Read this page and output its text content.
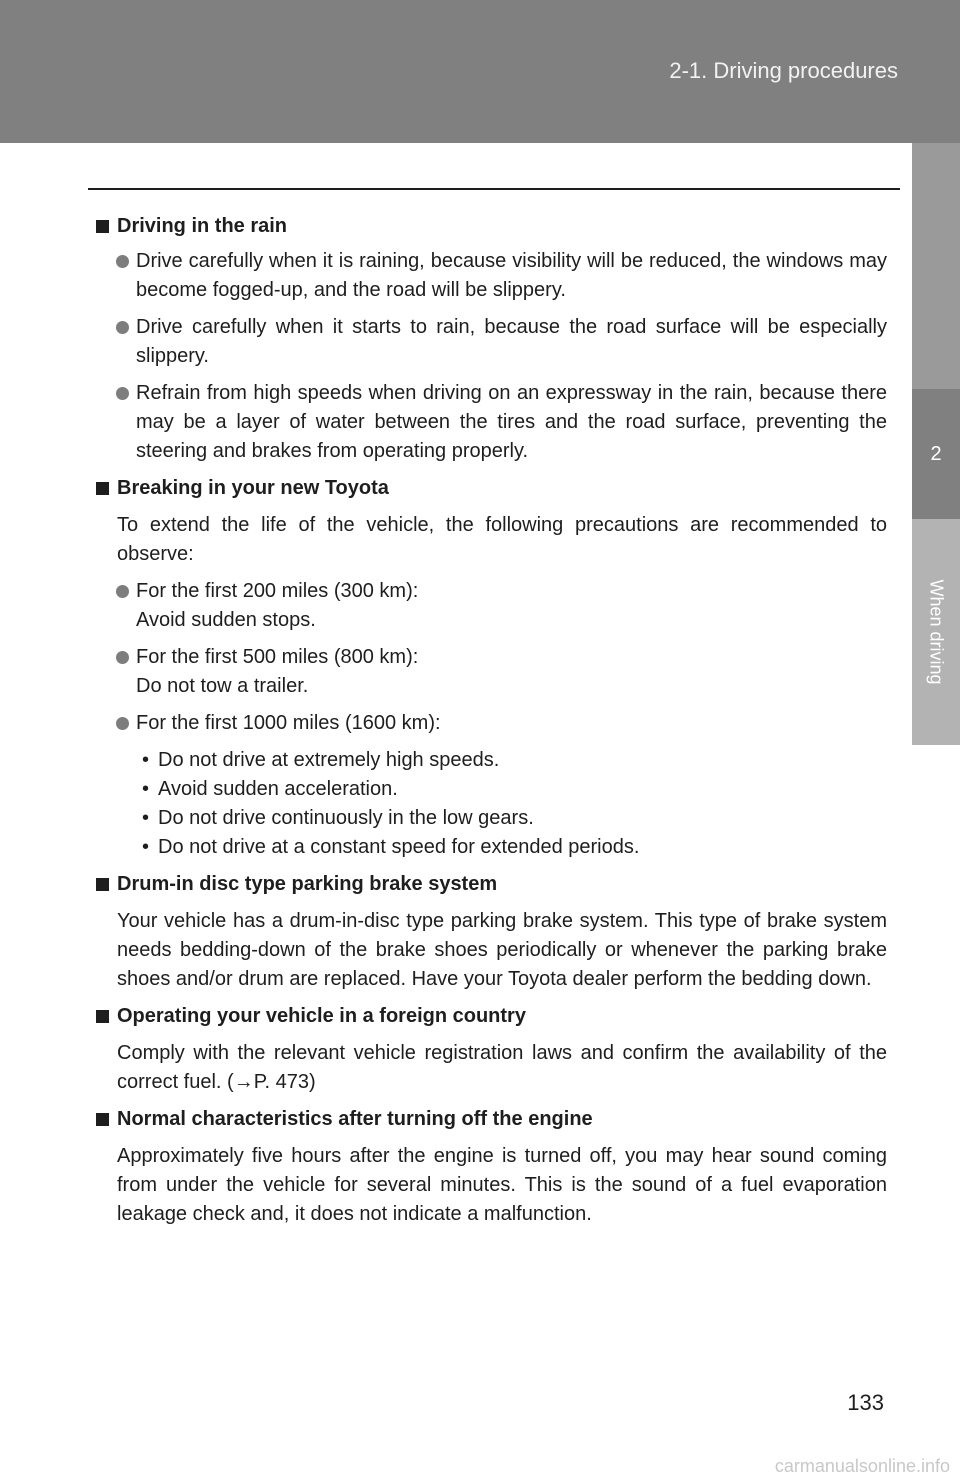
2-1. Driving procedures
2
When driving
Driving in the rain
Drive carefully when it is raining, because visibility will be reduced, the windows may become fogged-up, and the road will be slippery.
Drive carefully when it starts to rain, because the road surface will be especially slippery.
Refrain from high speeds when driving on an expressway in the rain, because there may be a layer of water between the tires and the road surface, preventing the steering and brakes from operating properly.
Breaking in your new Toyota
To extend the life of the vehicle, the following precautions are recommended to observe:
For the first 200 miles (300 km):
Avoid sudden stops.
For the first 500 miles (800 km):
Do not tow a trailer.
For the first 1000 miles (1600 km):
• Do not drive at extremely high speeds.
• Avoid sudden acceleration.
• Do not drive continuously in the low gears.
• Do not drive at a constant speed for extended periods.
Drum-in disc type parking brake system
Your vehicle has a drum-in-disc type parking brake system. This type of brake system needs bedding-down of the brake shoes periodically or whenever the parking brake shoes and/or drum are replaced. Have your Toyota dealer perform the bedding down.
Operating your vehicle in a foreign country
Comply with the relevant vehicle registration laws and confirm the availability of the correct fuel. (→P. 473)
Normal characteristics after turning off the engine
Approximately five hours after the engine is turned off, you may hear sound coming from under the vehicle for several minutes. This is the sound of a fuel evaporation leakage check and, it does not indicate a malfunction.
133
carmanualsonline.info
